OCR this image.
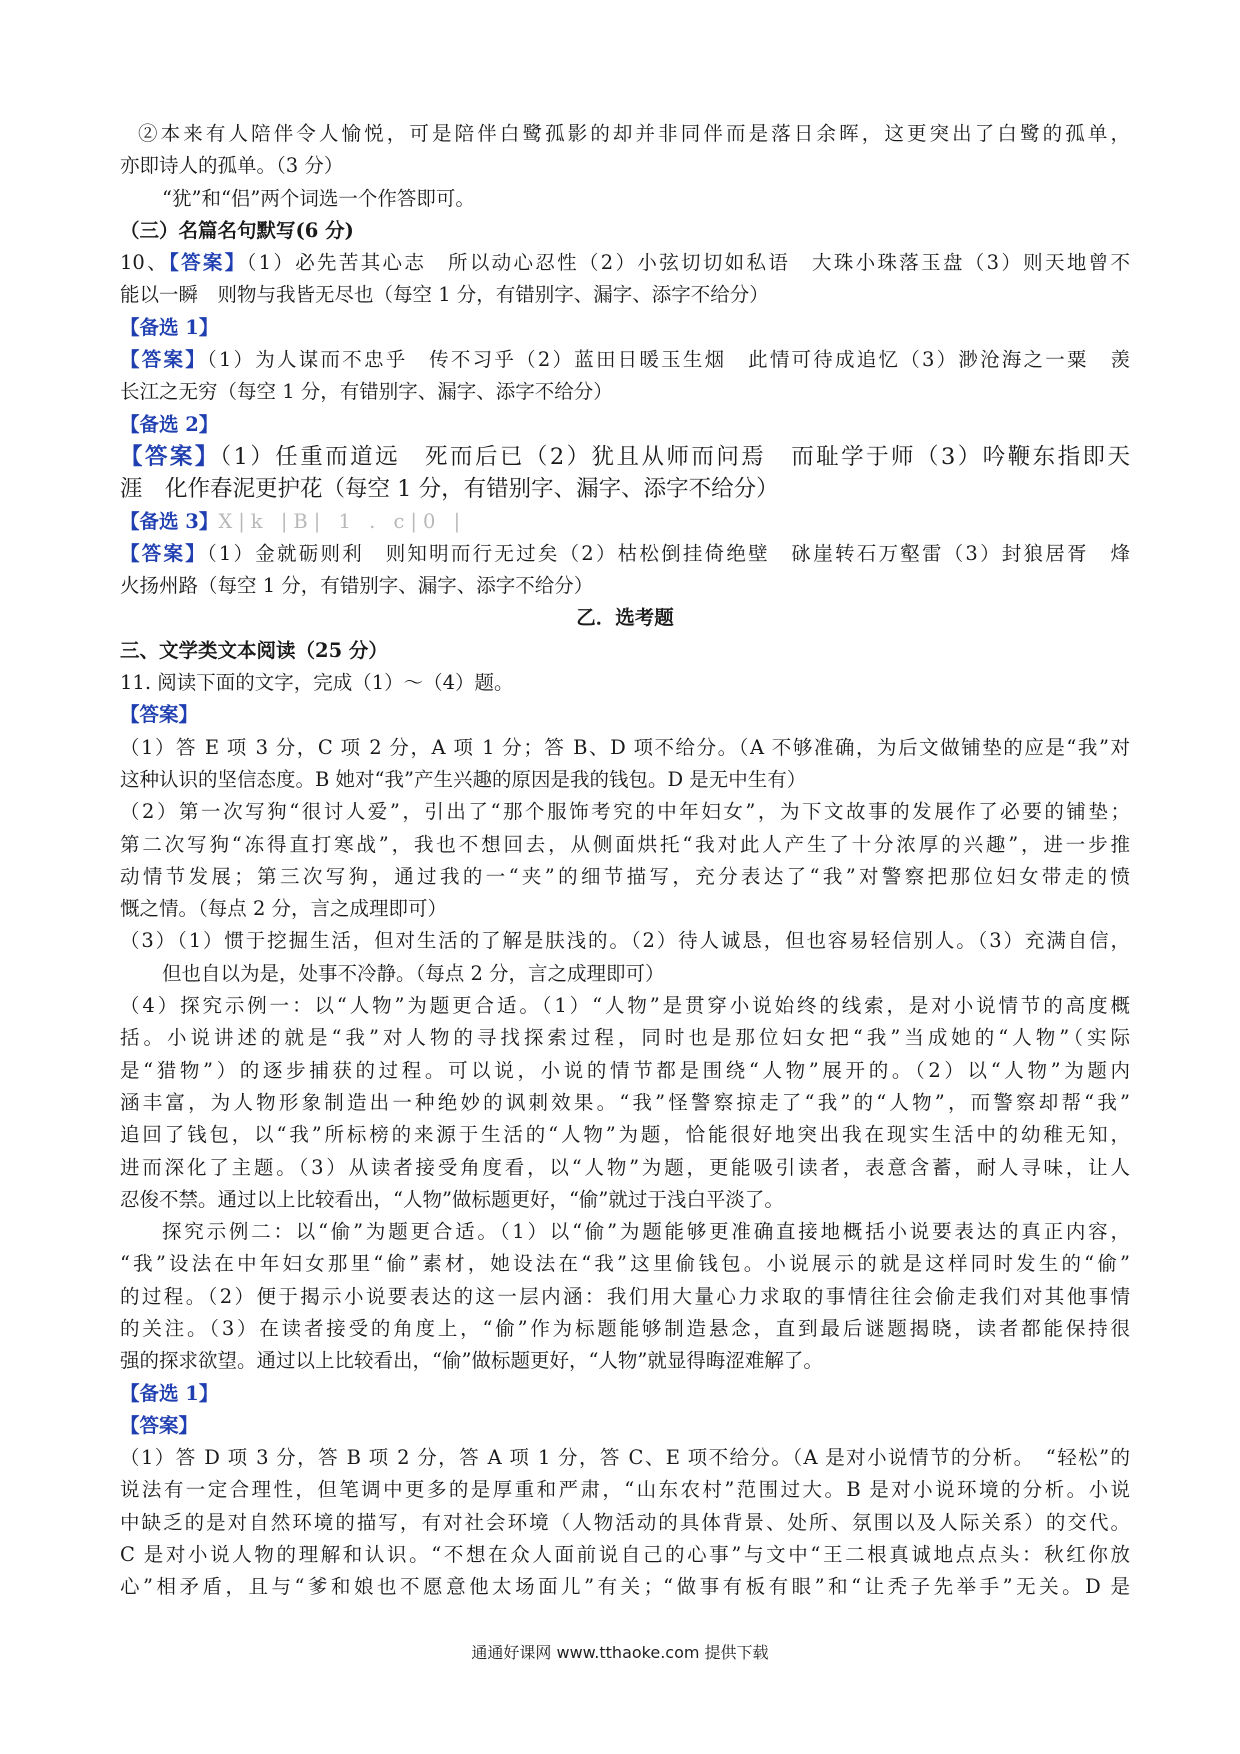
②本来有人陪伴令人愉悦，可是陪伴白鹭孤影的却并非同伴而是落日余晖，这更突出了白鹭的孤单，
亦即诗人的孤单。（3 分）
“犹”和“侣”两个词选一个作答即可。
（三）名篇名句默写(6 分)
10、【答案】（1）必先苦其心志　所以动心忍性（2）小弦切切如私语　大珠小珠落玉盘（3）则天地曾不
能以一瞬　则物与我皆无尽也（每空 1 分，有错别字、漏字、添字不给分）
【备选 1】
【答案】（1）为人谋而不忠乎　传不习乎（2）蓝田日暖玉生烟　此情可待成追忆（3）渺沧海之一粟　羡
长江之无穷（每空 1 分，有错别字、漏字、添字不给分）
【备选 2】
【答案】（1）任重而道远　死而后已（2）犹且从师而问焉　而耻学于师（3）吟鞭东指即天
涯　化作春泥更护花（每空 1 分，有错别字、漏字、添字不给分）
【备选 3】X|k |B| 1 . c|0 |
【答案】（1）金就砺则利　则知明而行无过矣（2）枯松倒挂倚绝壁　砯崖转石万壑雷（3）封狼居胥　烽
火扬州路（每空 1 分，有错别字、漏字、添字不给分）
乙．选考题
三、文学类文本阅读（25 分）
11. 阅读下面的文字，完成（1）～（4）题。
【答案】
（1）答 E 项 3 分，C 项 2 分，A 项 1 分；答 B、D 项不给分。（A 不够准确，为后文做铺垫的应是“我”对
这种认识的坚信态度。B 她对“我”产生兴趣的原因是我的钱包。D 是无中生有）
（2）第一次写狗“很讨人爱”，引出了“那个服饰考究的中年妇女”，为下文故事的发展作了必要的铺垫；
第二次写狗“冻得直打寒战”，我也不想回去，从侧面烘托“我对此人产生了十分浓厚的兴趣”，进一步推
动情节发展；第三次写狗，通过我的一“夹”的细节描写，充分表达了“我”对警察把那位妇女带走的愤
慨之情。（每点 2 分，言之成理即可）
（3）（1）惯于挖掘生活，但对生活的了解是肤浅的。（2）待人诚恳，但也容易轻信别人。（3）充满自信，
但也自以为是，处事不冷静。（每点 2 分，言之成理即可）
（4）探究示例一：以“人物”为题更合适。（1）“人物”是贯穿小说始终的线索，是对小说情节的高度概
括。小说讲述的就是“我”对人物的寻找探索过程，同时也是那位妇女把“我”当成她的“人物”（实际
是“猎物”）的逐步捕获的过程。可以说，小说的情节都是围绕“人物”展开的。（2）以“人物”为题内
涵丰富，为人物形象制造出一种绝妙的讽刺效果。“我”怪警察掠走了“我”的“人物”，而警察却帮“我”
追回了钱包，以“我”所标榜的来源于生活的“人物”为题，恰能很好地突出我在现实生活中的幼稚无知，
进而深化了主题。（3）从读者接受角度看，以“人物”为题，更能吸引读者，表意含蓄，耐人寻味，让人
忍俊不禁。通过以上比较看出，“人物”做标题更好，“偷”就过于浅白平淡了。
探究示例二：以“偷”为题更合适。（1）以“偷”为题能够更准确直接地概括小说要表达的真正内容，
“我”设法在中年妇女那里“偷”素材，她设法在“我”这里偷钱包。小说展示的就是这样同时发生的“偷”
的过程。（2）便于揭示小说要表达的这一层内涵：我们用大量心力求取的事情往往会偷走我们对其他事情
的关注。（3）在读者接受的角度上，“偷”作为标题能够制造悬念，直到最后谜题揭晓，读者都能保持很
强的探求欲望。通过以上比较看出，“偷”做标题更好，“人物”就显得晦涩难解了。
【备选 1】
【答案】
（1）答 D 项 3 分，答 B 项 2 分，答 A 项 1 分，答 C、E 项不给分。（A 是对小说情节的分析。　“轻松”的
说法有一定合理性，但笔调中更多的是厚重和严肃，“山东农村”范围过大。B 是对小说环境的分析。小说
中缺乏的是对自然环境的描写，有对社会环境（人物活动的具体背景、处所、氛围以及人际关系）的交代。
C 是对小说人物的理解和认识。“不想在众人面前说自己的心事”与文中“王二根真诚地点点头：秋红你放
心”相矛盾，且与“爹和娘也不愿意他太场面儿”有关；“做事有板有眼”和“让秃子先举手”无关。D 是
通通好课网 www.tthaoke.com 提供下载
